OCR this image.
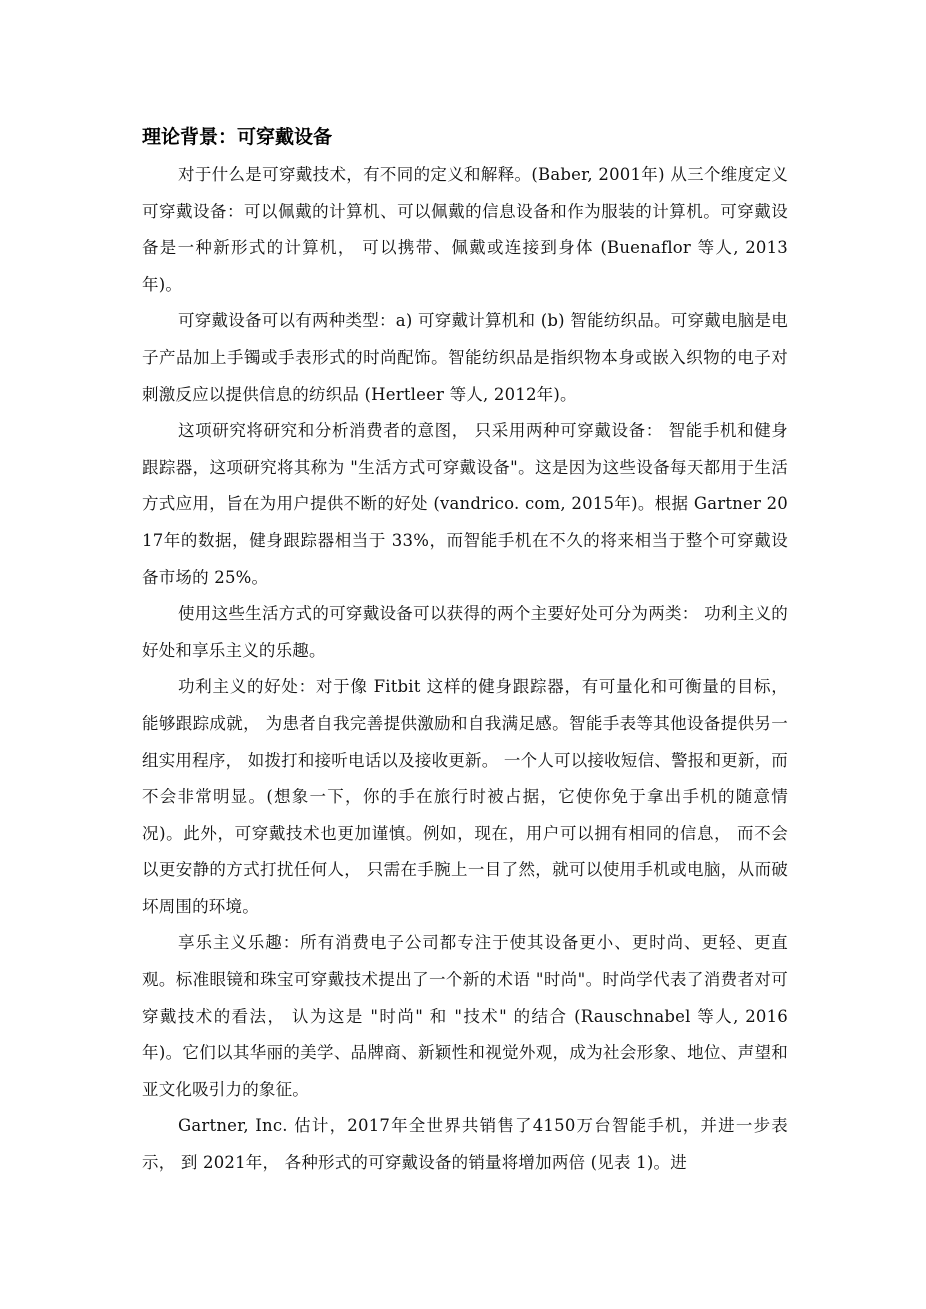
理论背景：可穿戴设备

对于什么是可穿戴技术，有不同的定义和解释。(Baber, 2001年) 从三个维度定义可穿戴设备：可以佩戴的计算机、可以佩戴的信息设备和作为服装的计算机。可穿戴设备是一种新形式的计算机， 可以携带、佩戴或连接到身体 (Buenaflor 等人, 2013年)。

可穿戴设备可以有两种类型：a) 可穿戴计算机和 (b) 智能纺织品。可穿戴电脑是电子产品加上手镯或手表形式的时尚配饰。智能纺织品是指织物本身或嵌入织物的电子对刺激反应以提供信息的纺织品 (Hertleer 等人, 2012年)。

这项研究将研究和分析消费者的意图， 只采用两种可穿戴设备： 智能手机和健身跟踪器，这项研究将其称为 "生活方式可穿戴设备"。这是因为这些设备每天都用于生活方式应用，旨在为用户提供不断的好处 (vandrico. com, 2015年)。根据 Gartner 2017年的数据，健身跟踪器相当于 33%，而智能手机在不久的将来相当于整个可穿戴设备市场的 25%。

使用这些生活方式的可穿戴设备可以获得的两个主要好处可分为两类： 功利主义的好处和享乐主义的乐趣。

功利主义的好处：对于像 Fitbit 这样的健身跟踪器，有可量化和可衡量的目标， 能够跟踪成就， 为患者自我完善提供激励和自我满足感。智能手表等其他设备提供另一组实用程序， 如拨打和接听电话以及接收更新。 一个人可以接收短信、警报和更新，而不会非常明显。(想象一下，你的手在旅行时被占据，它使你免于拿出手机的随意情况)。此外，可穿戴技术也更加谨慎。例如，现在，用户可以拥有相同的信息， 而不会以更安静的方式打扰任何人， 只需在手腕上一目了然，就可以使用手机或电脑，从而破坏周围的环境。

享乐主义乐趣：所有消费电子公司都专注于使其设备更小、更时尚、更轻、更直观。标准眼镜和珠宝可穿戴技术提出了一个新的术语 "时尚"。时尚学代表了消费者对可穿戴技术的看法， 认为这是 "时尚" 和 "技术" 的结合 (Rauschnabel 等人, 2016年)。它们以其华丽的美学、品牌商、新颖性和视觉外观，成为社会形象、地位、声望和亚文化吸引力的象征。

Gartner, Inc. 估计，2017年全世界共销售了4150万台智能手机，并进一步表示， 到 2021年， 各种形式的可穿戴设备的销量将增加两倍 (见表 1)。进
